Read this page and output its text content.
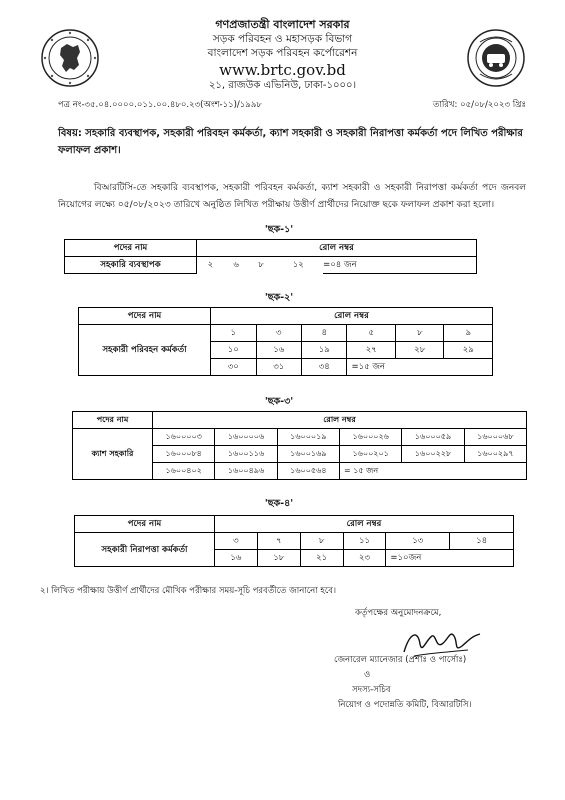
গণপ্রজাতন্ত্রী বাংলাদেশ সরকার
সড়ক পরিবহন ও মহাসড়ক বিভাগ
বাংলাদেশ সড়ক পরিবহন কর্পোরেশন
www.brtc.gov.bd
২১, রাজউক এভিনিউ, ঢাকা-১০০০।
পত্র নং-৩৫.০৪.০০০০.০১১.০০.৪৮০.২৩(অংশ-১১)/১৯৯৮	তারিখ: ০৫/০৮/২০২৩ খ্রিঃ
বিষয়: সহকারি ব্যবস্থাপক, সহকারী পরিবহন কর্মকর্তা, ক্যাশ সহকারী ও সহকারী নিরাপত্তা কর্মকর্তা পদে লিখিত পরীক্ষার ফলাফল প্রকাশ।
বিআরটিসি-তে সহকারি ব্যবস্থাপক, সহকারী পরিবহন কর্মকর্তা, ক্যাশ সহকারী ও সহকারী নিরাপত্তা কর্মকর্তা পদে জনবল নিয়োগের লক্ষ্যে ০৫/০৮/২০২৩ তারিখে অনুষ্ঠিত লিখিত পরীক্ষায় উত্তীর্ণ প্রার্থীদের নিয়োক্ত ছকে ফলাফল প্রকাশ করা হলো।
'ছক-১'
পদের নাম	রোল নম্বর				
সহকারি ব্যবস্থাপক	২	৬	৮	১২	=০৪ জন
'ছক-২'
পদের নাম	রোল নম্বর					
সহকারী পরিবহন কর্মকর্তা	১	৩	৪	৫	৮	৯
	১০	১৬	১৯	২৭	২৮	২৯
	৩০	৩১	৩৪	=১৫ জন		
'ছক-৩'
পদের নাম	রোল নম্বর					
ক্যাশ সহকারি	১৬০০০০৩	১৬০০০০৬	১৬০০০১৯	১৬০০০২৬	১৬০০০৫৯	১৬০০০৬৮
	১৬০০০৮৪	১৬০০১১৬	১৬০০১৬৯	১৬০০২০১	১৬০০২২৮	১৬০০২৯৭
	১৬০০৪০২	১৬০০৪৯৬	১৬০০৫৬৪	= ১৫ জন		
'ছক-৪'
পদের নাম	রোল নম্বর					
সহকারী নিরাপত্তা কর্মকর্তা	৩	৭	৮	১১	১৩	১৪
	১৬	১৮	২১	২৩	=১০জন	
২। লিখিত পরীক্ষায় উত্তীর্ণ প্রার্থীদের মৌখিক পরীক্ষার সময়-সূচি পরবর্তীতে জানানো হবে।
কর্তৃপক্ষের অনুমোদনক্রমে,
জেনারেল ম্যানেজার (প্রশাঃ ও পার্সোঃ)
ও
সদস্য-সচিব
নিয়োগ ও পদোন্নতি কমিটি, বিআরটিসি।
